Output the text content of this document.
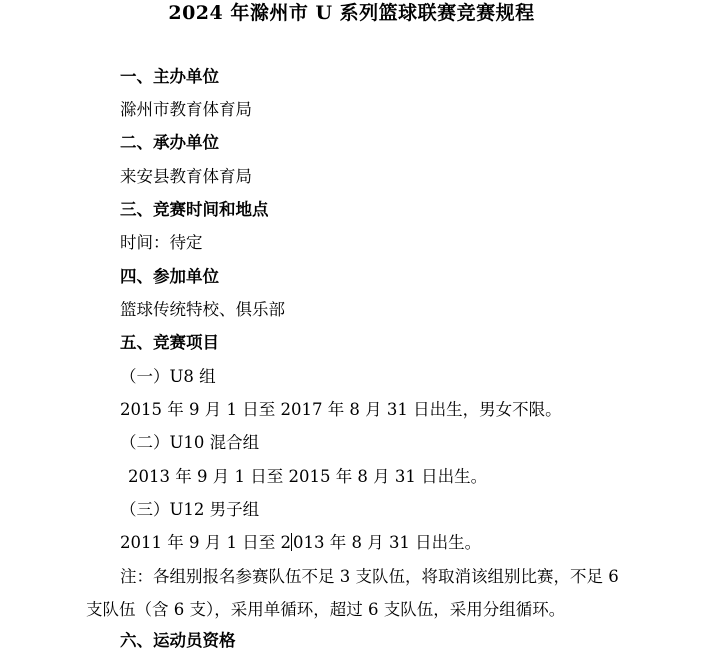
2024 年滁州市 U 系列篮球联赛竞赛规程
一、主办单位
滁州市教育体育局
二、承办单位
来安县教育体育局
三、竞赛时间和地点
时间：待定
四、参加单位
篮球传统特校、俱乐部
五、竞赛项目
（一）U8 组
2015 年 9 月 1 日至 2017 年 8 月 31 日出生，男女不限。
（二）U10 混合组
2013 年 9 月 1 日至 2015 年 8 月 31 日出生。
（三）U12 男子组
2011 年 9 月 1 日至 2 013 年 8 月 31 日出生。
注：各组别报名参赛队伍不足 3 支队伍，将取消该组别比赛，不足 6
支队伍（含 6 支），采用单循环，超过 6 支队伍，采用分组循环。
六、运动员资格
